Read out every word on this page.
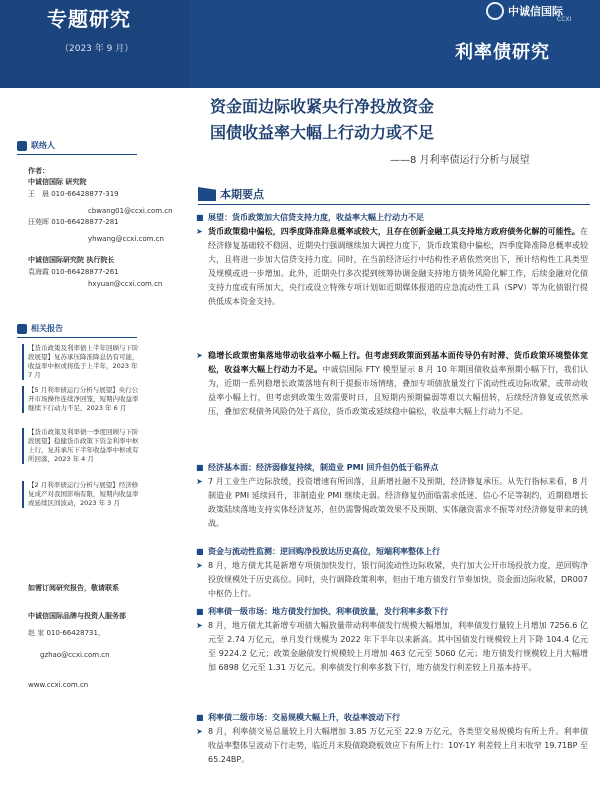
专题研究
（2023 年 9 月）
中诚信国际
CCXI
利率债研究
联络人
作者：
中诚信国际 研究院
王　晨 010-66428877-319
cbwang01@ccxi.com.cn
汪苑晖 010-66428877-281
yhwang@ccxi.com.cn
中诚信国际研究院 执行院长
袁海霞 010-66428877-261
hxyuan@ccxi.com.cn
相关报告
【货币政策及利率债上半年回顾与下阶段展望】复苏承压降准降息仍有可能，收益率中枢或将低于上半年，2023 年 7 月
【5 月利率债运行分析与展望】央行公开市场操作连续净回笼，短期内收益率继续下行动力不足，2023 年 6 月
【货币政策及利率债一季度回顾与下阶段展望】稳健货币政策下资金利率中枢上行，复苏承压下半年收益率中枢或有所回落，2023 年 4 月
【2 月利率债运行分析与展望】经济修复成产对我国影响有限，短期内收益率或延续区间波动，2023 年 3 月
如需订阅研究报告，敬请联系
中诚信国际品牌与投资人服务部
赵 家 010-66428731，
gzhao@ccxi.com.cn
www.ccxi.com.cn
资金面边际收紧央行净投放资金
国债收益率大幅上行动力或不足
——8 月利率债运行分析与展望
本期要点
■ 展望：货币政策加大信贷支持力度，收益率大幅上行动力不足
➤ 货币政策稳中偏松，四季度降准降息概率或较大，且存在创新金融工具支持地方政府债务化解的可能性。在经济修复基础较不稳固、近期央行强调继续加大调控力度下，货币政策稳中偏松，四季度降准降息概率或较大，且将进一步加大信贷支持力度。同时，在当前经济运行中结构性矛盾依然突出下，预计结构性工具类型及规模或进一步增加。此外，近期央行多次提到统筹协调金融支持地方债务风险化解工作，后续金融对化债支持力度或有所加大，央行或设立特殊专项计划如近期媒体报道的应急流动性工具（SPV）等为化债银行提供低成本资金支持。
➤ 稳增长政策密集落地带动收益率小幅上行。但考虑到政策面到基本面传导仍有时滞、货币政策环境整体宽松，收益率大幅上行动力不足。中诚信国际 FTY 模型显示 8 月 10 年期国债收益率预期小幅下行，我们认为，近期一系列稳增长政策落地有利于提振市场情绪，叠加专项债放量发行下流动性或边际收紧，或带动收益率小幅上行，但考虑到政策生效需要时日，且短期内预期偏弱等难以大幅扭转，后续经济修复或依然承压，叠加宏观债务风险仍处于高位，货币政策或延续稳中偏松，收益率大幅上行动力不足。
■ 经济基本面：经济弱修复持续，制造业 PMI 回升但仍低于临界点
➤ 7 月工业生产边际放缓，投资增速有所回落，且新增社融不及预期，经济修复承压。从先行指标来看，8 月制造业 PMI 延续回升，非制造业 PMI 继续走弱。经济修复仍面临需求低迷、信心不足等制约，近期稳增长政策陆续落地支持实体经济复苏，但仍需警惕政策效果不及预期、实体融资需求不振等对经济修复带来的挑战。
■ 资金与流动性监测：逆回购净投放达历史高位，短端利率整体上行
➤ 8 月，地方债尤其是新增专项债加快发行，银行间流动性边际收紧，央行加大公开市场投放力度，逆回购净投放规模处于历史高位。同时，央行调降政策利率，但由于地方债发行节奏加快，资金面边际收紧，DR007 中枢仍上行。
■ 利率债一级市场：地方债发行加快、利率债放量，发行利率多数下行
➤ 8 月，地方债尤其新增专项债大幅放量带动利率债发行规模大幅增加，利率债发行量较上月增加 7256.6 亿元至 2.74 万亿元，单月发行规模为 2022 年下半年以来新高。其中国债发行规模较上月下降 104.4 亿元至 9224.2 亿元；政策金融债发行规模较上月增加 463 亿元至 5060 亿元；地方债发行规模较上月大幅增加 6898 亿元至 1.31 万亿元。利率债发行利率多数下行，地方债发行利差较上月基本持平。
■ 利率债二级市场：交易规模大幅上升，收益率波动下行
➤ 8 月，利率债交易总量较上月大幅增加 3.85 万亿元至 22.9 万亿元，各类型交易规模均有所上升。利率债收益率整体呈波动下行走势，临近月末股债跷跷板效应下有所上行：10Y-1Y 利差较上月末收窄 19.71BP 至 65.24BP。
